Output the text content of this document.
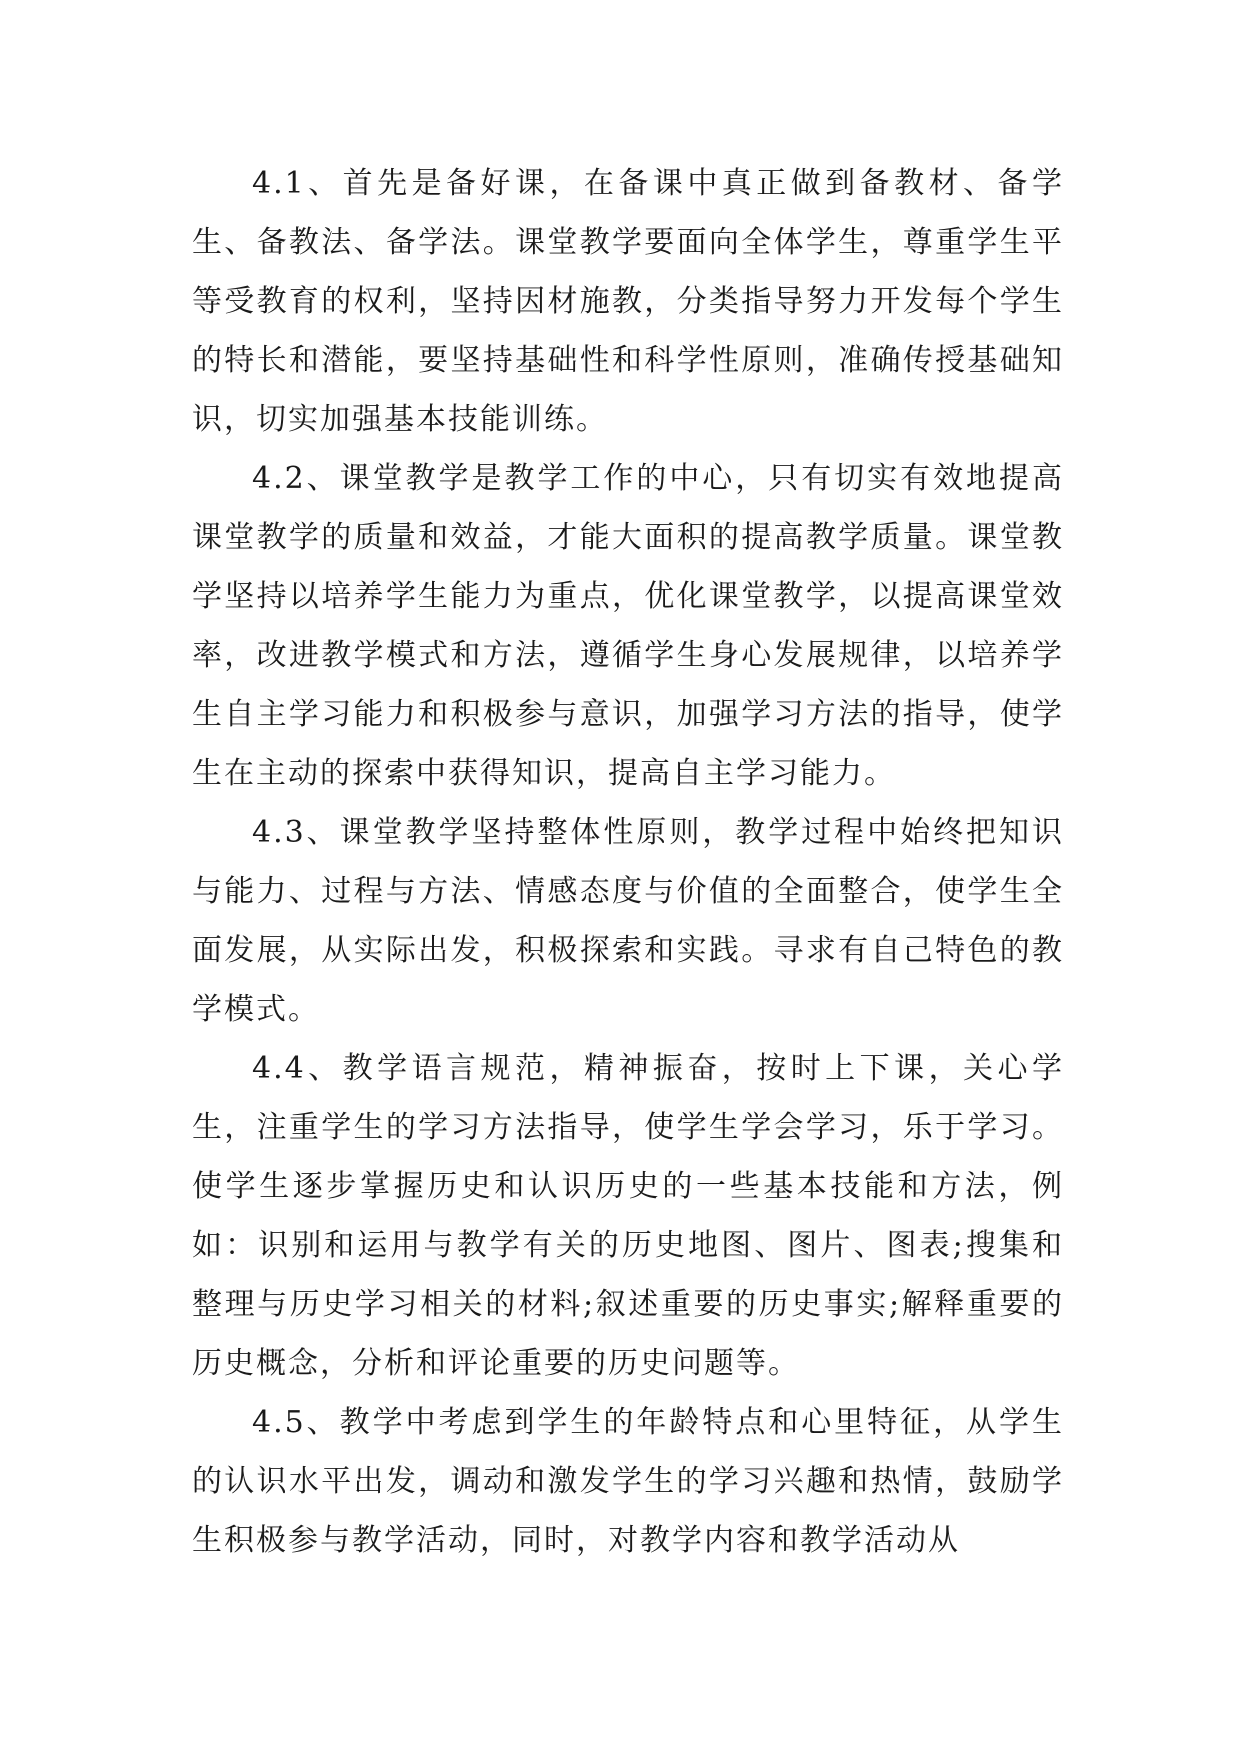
4.1、首先是备好课，在备课中真正做到备教材、备学生、备教法、备学法。课堂教学要面向全体学生，尊重学生平等受教育的权利，坚持因材施教，分类指导努力开发每个学生的特长和潜能，要坚持基础性和科学性原则，准确传授基础知识，切实加强基本技能训练。

4.2、课堂教学是教学工作的中心，只有切实有效地提高课堂教学的质量和效益，才能大面积的提高教学质量。课堂教学坚持以培养学生能力为重点，优化课堂教学，以提高课堂效率，改进教学模式和方法，遵循学生身心发展规律，以培养学生自主学习能力和积极参与意识，加强学习方法的指导，使学生在主动的探索中获得知识，提高自主学习能力。

4.3、课堂教学坚持整体性原则，教学过程中始终把知识与能力、过程与方法、情感态度与价值的全面整合，使学生全面发展，从实际出发，积极探索和实践。寻求有自己特色的教学模式。

4.4、教学语言规范，精神振奋，按时上下课，关心学生，注重学生的学习方法指导，使学生学会学习，乐于学习。使学生逐步掌握历史和认识历史的一些基本技能和方法，例如：识别和运用与教学有关的历史地图、图片、图表;搜集和整理与历史学习相关的材料;叙述重要的历史事实;解释重要的历史概念，分析和评论重要的历史问题等。

4.5、教学中考虑到学生的年龄特点和心里特征，从学生的认识水平出发，调动和激发学生的学习兴趣和热情，鼓励学生积极参与教学活动，同时，对教学内容和教学活动从
